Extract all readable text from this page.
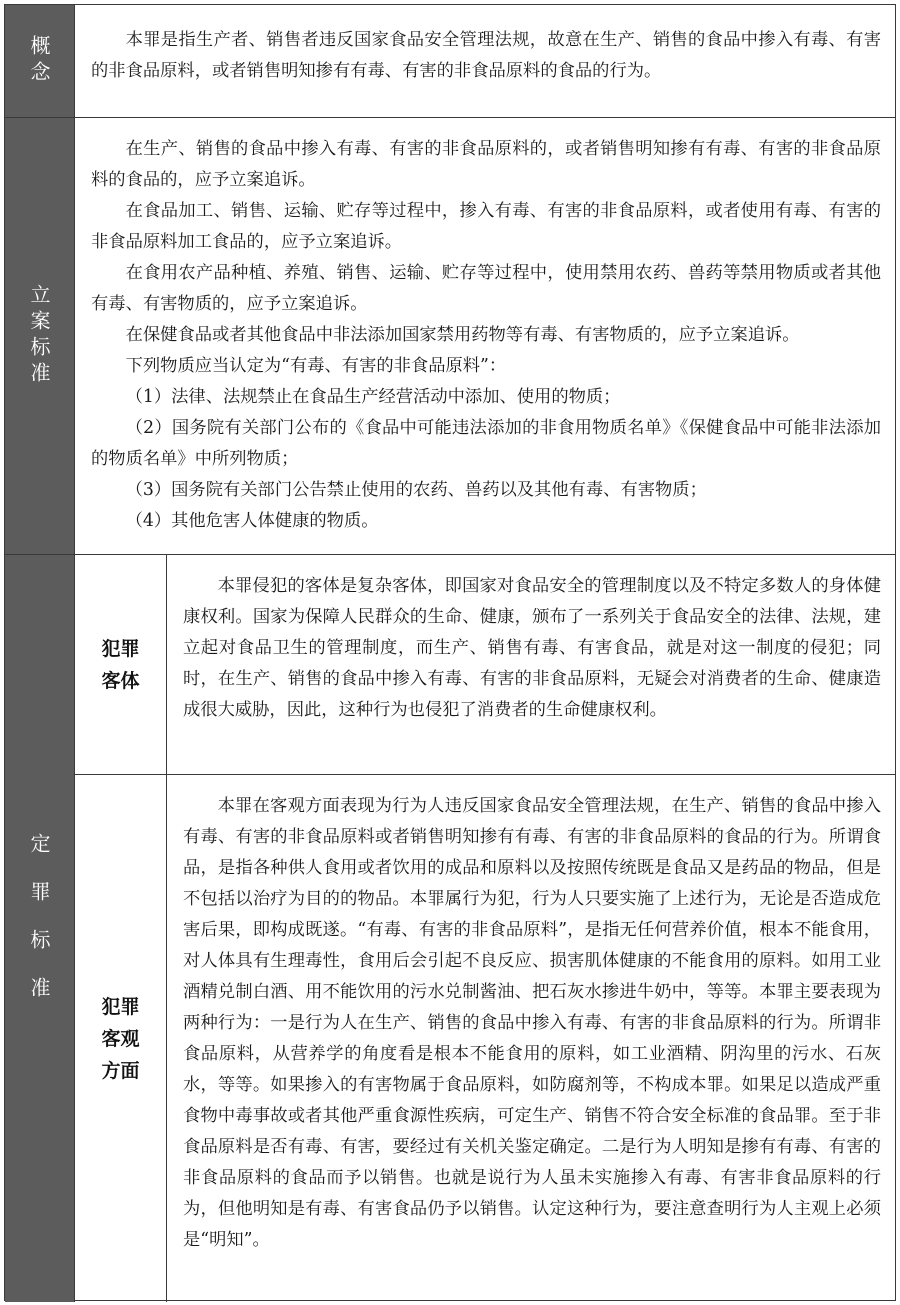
概念	本罪是指生产者、销售者违反国家食品安全管理法规，故意在生产、销售的食品中掺入有毒、有害的非食品原料，或者销售明知掺有有毒、有害的非食品原料的食品的行为。

立案标准

在生产、销售的食品中掺入有毒、有害的非食品原料的，或者销售明知掺有有毒、有害的非食品原料的食品的，应予立案追诉。

在食品加工、销售、运输、贮存等过程中，掺入有毒、有害的非食品原料，或者使用有毒、有害的非食品原料加工食品的，应予立案追诉。

在食用农产品种植、养殖、销售、运输、贮存等过程中，使用禁用农药、兽药等禁用物质或者其他有毒、有害物质的，应予立案追诉。

在保健食品或者其他食品中非法添加国家禁用药物等有毒、有害物质的，应予立案追诉。

下列物质应当认定为“有毒、有害的非食品原料”：

（1）法律、法规禁止在食品生产经营活动中添加、使用的物质；

（2）国务院有关部门公布的《食品中可能违法添加的非食用物质名单》《保健食品中可能非法添加的物质名单》中所列物质；

（3）国务院有关部门公告禁止使用的农药、兽药以及其他有毒、有害物质；

（4）其他危害人体健康的物质。

定罪标准
犯罪客体

本罪侵犯的客体是复杂客体，即国家对食品安全的管理制度以及不特定多数人的身体健康权利。国家为保障人民群众的生命、健康，颁布了一系列关于食品安全的法律、法规，建立起对食品卫生的管理制度，而生产、销售有毒、有害食品，就是对这一制度的侵犯；同时，在生产、销售的食品中掺入有毒、有害的非食品原料，无疑会对消费者的生命、健康造成很大威胁，因此，这种行为也侵犯了消费者的生命健康权利。

犯罪客观方面

本罪在客观方面表现为行为人违反国家食品安全管理法规，在生产、销售的食品中掺入有毒、有害的非食品原料或者销售明知掺有有毒、有害的非食品原料的食品的行为。所谓食品，是指各种供人食用或者饮用的成品和原料以及按照传统既是食品又是药品的物品，但是不包括以治疗为目的的物品。本罪属行为犯，行为人只要实施了上述行为，无论是否造成危害后果，即构成既遂。“有毒、有害的非食品原料”，是指无任何营养价值，根本不能食用，对人体具有生理毒性，食用后会引起不良反应、损害肌体健康的不能食用的原料。如用工业酒精兑制白酒、用不能饮用的污水兑制酱油、把石灰水掺进牛奶中，等等。本罪主要表现为两种行为：一是行为人在生产、销售的食品中掺入有毒、有害的非食品原料的行为。所谓非食品原料，从营养学的角度看是根本不能食用的原料，如工业酒精、阴沟里的污水、石灰水，等等。如果掺入的有害物属于食品原料，如防腐剂等，不构成本罪。如果足以造成严重食物中毒事故或者其他严重食源性疾病，可定生产、销售不符合安全标准的食品罪。至于非食品原料是否有毒、有害，要经过有关机关鉴定确定。二是行为人明知是掺有有毒、有害的非食品原料的食品而予以销售。也就是说行为人虽未实施掺入有毒、有害非食品原料的行为，但他明知是有毒、有害食品仍予以销售。认定这种行为，要注意查明行为人主观上必须是“明知”。
